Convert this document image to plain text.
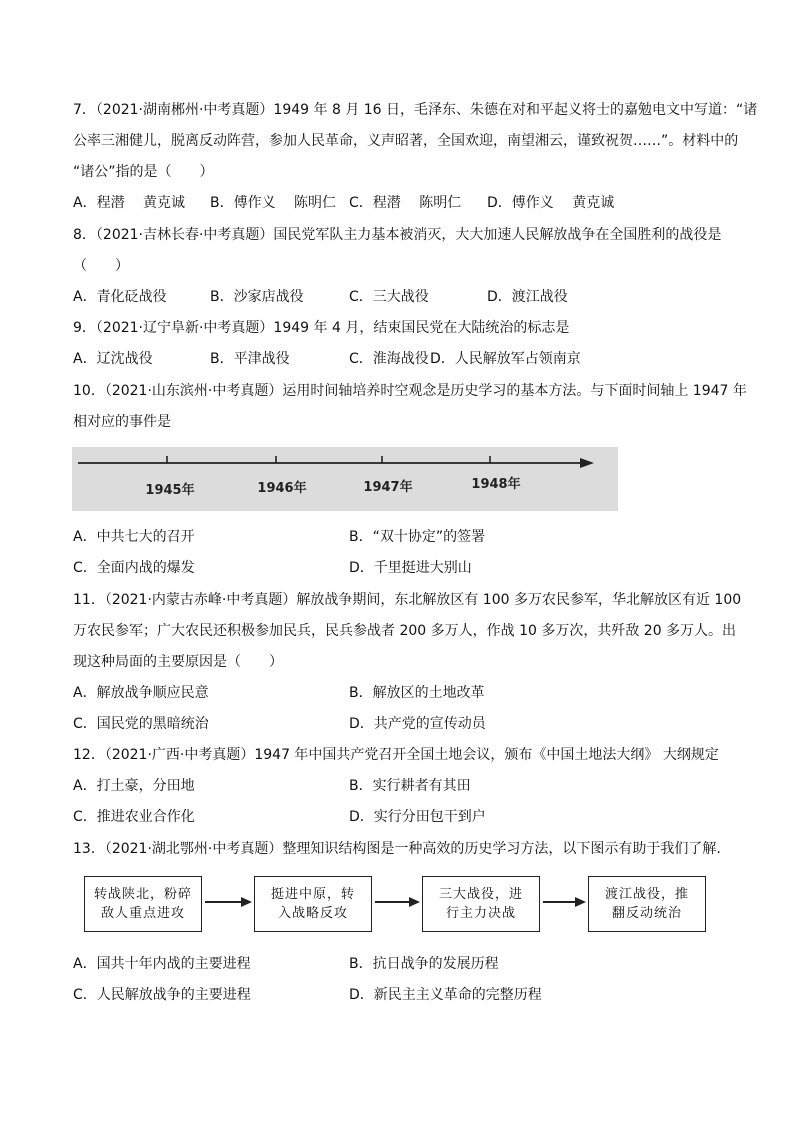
7．（2021·湖南郴州·中考真题）1949 年 8 月 16 日，毛泽东、朱德在对和平起义将士的嘉勉电文中写道：“诸
公率三湘健儿，脱离反动阵营，参加人民革命，义声昭著，全国欢迎，南望湘云，谨致祝贺……”。材料中的
“诸公”指的是（　　）
A．程潜　 黄克诚 B．傅作义　 陈明仁 C．程潜　 陈明仁 D．傅作义　 黄克诚
8．（2021·吉林长春·中考真题）国民党军队主力基本被消灭，大大加速人民解放战争在全国胜利的战役是
（　　）
A．青化砭战役	B．沙家店战役	C．三大战役	D．渡江战役
9．（2021·辽宁阜新·中考真题）1949 年 4 月，结束国民党在大陆统治的标志是
A．辽沈战役	B．平津战役	C．淮海战役 D．人民解放军占领南京
10．（2021·山东滨州·中考真题）运用时间轴培养时空观念是历史学习的基本方法。与下面时间轴上 1947 年
相对应的事件是
1945年	1946年	1947年	1948年
A．中共七大的召开	B．“双十协定”的签署
C．全面内战的爆发	D．千里挺进大别山
11．（2021·内蒙古赤峰·中考真题）解放战争期间，东北解放区有 100 多万农民参军，华北解放区有近 100
万农民参军；广大农民还积极参加民兵，民兵参战者 200 多万人，作战 10 多万次，共歼敌 20 多万人。出
现这种局面的主要原因是（　　）
A．解放战争顺应民意	B．解放区的土地改革
C．国民党的黑暗统治	D．共产党的宣传动员
12．（2021·广西·中考真题）1947 年中国共产党召开全国土地会议，颁布《中国土地法大纲》 大纲规定
A．打土豪，分田地	B．实行耕者有其田
C．推进农业合作化	D．实行分田包干到户
13．（2021·湖北鄂州·中考真题）整理知识结构图是一种高效的历史学习方法，以下图示有助于我们了解.
转战陕北，粉碎
敌人重点进攻
挺进中原，转
入战略反攻
三大战役，进
行主力决战
渡江战役，推
翻反动统治
A．国共十年内战的主要进程	B．抗日战争的发展历程
C．人民解放战争的主要进程	D．新民主主义革命的完整历程
